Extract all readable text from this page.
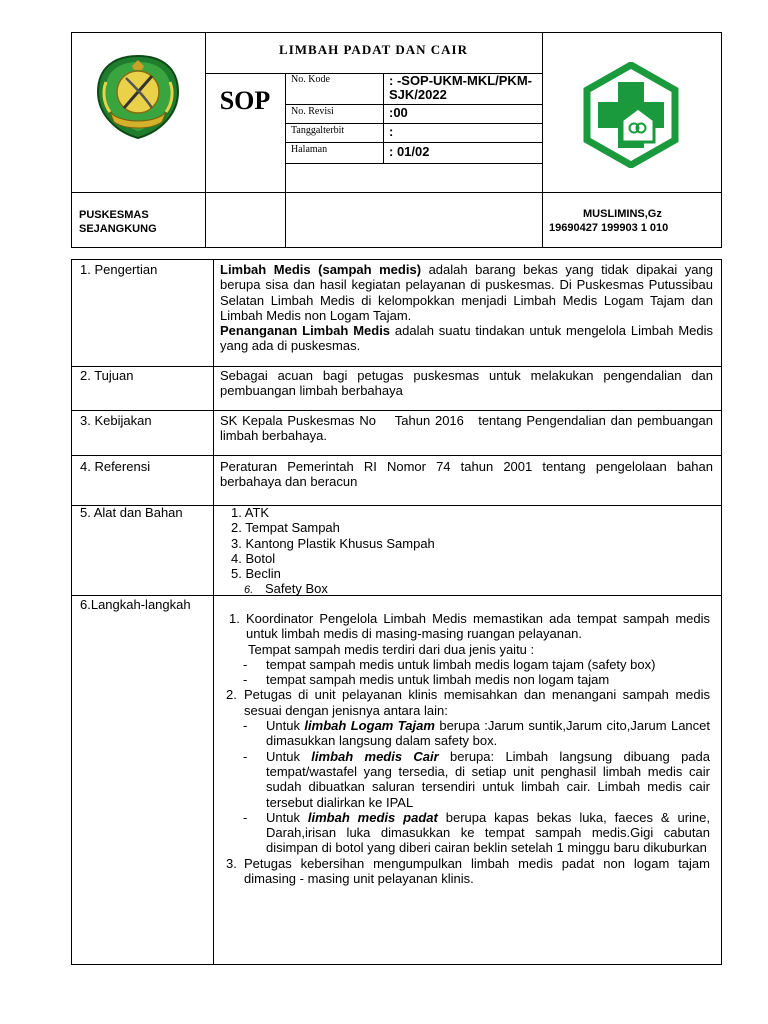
LIMBAH PADAT DAN CAIR
SOP
No. Kode	: -SOP-UKM-MKL/PKM-SJK/2022
No. Revisi	:00
Tanggalterbit	:
Halaman	: 01/02
PUSKESMAS
SEJANGKUNG
MUSLIMINS,Gz
19690427 199903 1 010
1. Pengertian	Limbah Medis (sampah medis) adalah barang bekas yang tidak dipakai yang berupa sisa dan hasil kegiatan pelayanan di puskesmas. Di Puskesmas Putussibau Selatan Limbah Medis di kelompokkan menjadi Limbah Medis Logam Tajam dan Limbah Medis non Logam Tajam.
Penanganan Limbah Medis adalah suatu tindakan untuk mengelola Limbah Medis yang ada di puskesmas.
2. Tujuan	Sebagai acuan bagi petugas puskesmas untuk melakukan pengendalian dan pembuangan limbah berbahaya
3. Kebijakan	SK Kepala Puskesmas No    Tahun 2016   tentang Pengendalian dan pembuangan limbah berbahaya.
4. Referensi	Peraturan Pemerintah RI Nomor 74 tahun 2001 tentang pengelolaan bahan berbahaya dan beracun
5. Alat dan Bahan	1. ATK
2. Tempat Sampah
3. Kantong Plastik Khusus Sampah
4. Botol
5. Beclin
6. Safety Box
6.Langkah-langkah
1. Koordinator Pengelola Limbah Medis memastikan ada tempat sampah medis untuk limbah medis di masing-masing ruangan pelayanan.
Tempat sampah medis terdiri dari dua jenis yaitu :
- tempat sampah medis untuk limbah medis logam tajam (safety box)
- tempat sampah medis untuk limbah medis non logam tajam
2. Petugas di unit pelayanan klinis memisahkan dan menangani sampah medis sesuai dengan jenisnya antara lain:
- Untuk limbah Logam Tajam berupa :Jarum suntik,Jarum cito,Jarum Lancet dimasukkan langsung dalam safety box.
- Untuk limbah medis Cair berupa: Limbah langsung dibuang pada tempat/wastafel yang tersedia, di setiap unit penghasil limbah medis cair sudah dibuatkan saluran tersendiri untuk limbah cair. Limbah medis cair tersebut dialirkan ke IPAL
- Untuk limbah medis padat berupa kapas bekas luka, faeces & urine, Darah,irisan luka dimasukkan ke tempat sampah medis.Gigi cabutan disimpan di botol yang diberi cairan beklin setelah 1 minggu baru dikuburkan
3. Petugas kebersihan mengumpulkan limbah medis padat non logam tajam dimasing - masing unit pelayanan klinis.
